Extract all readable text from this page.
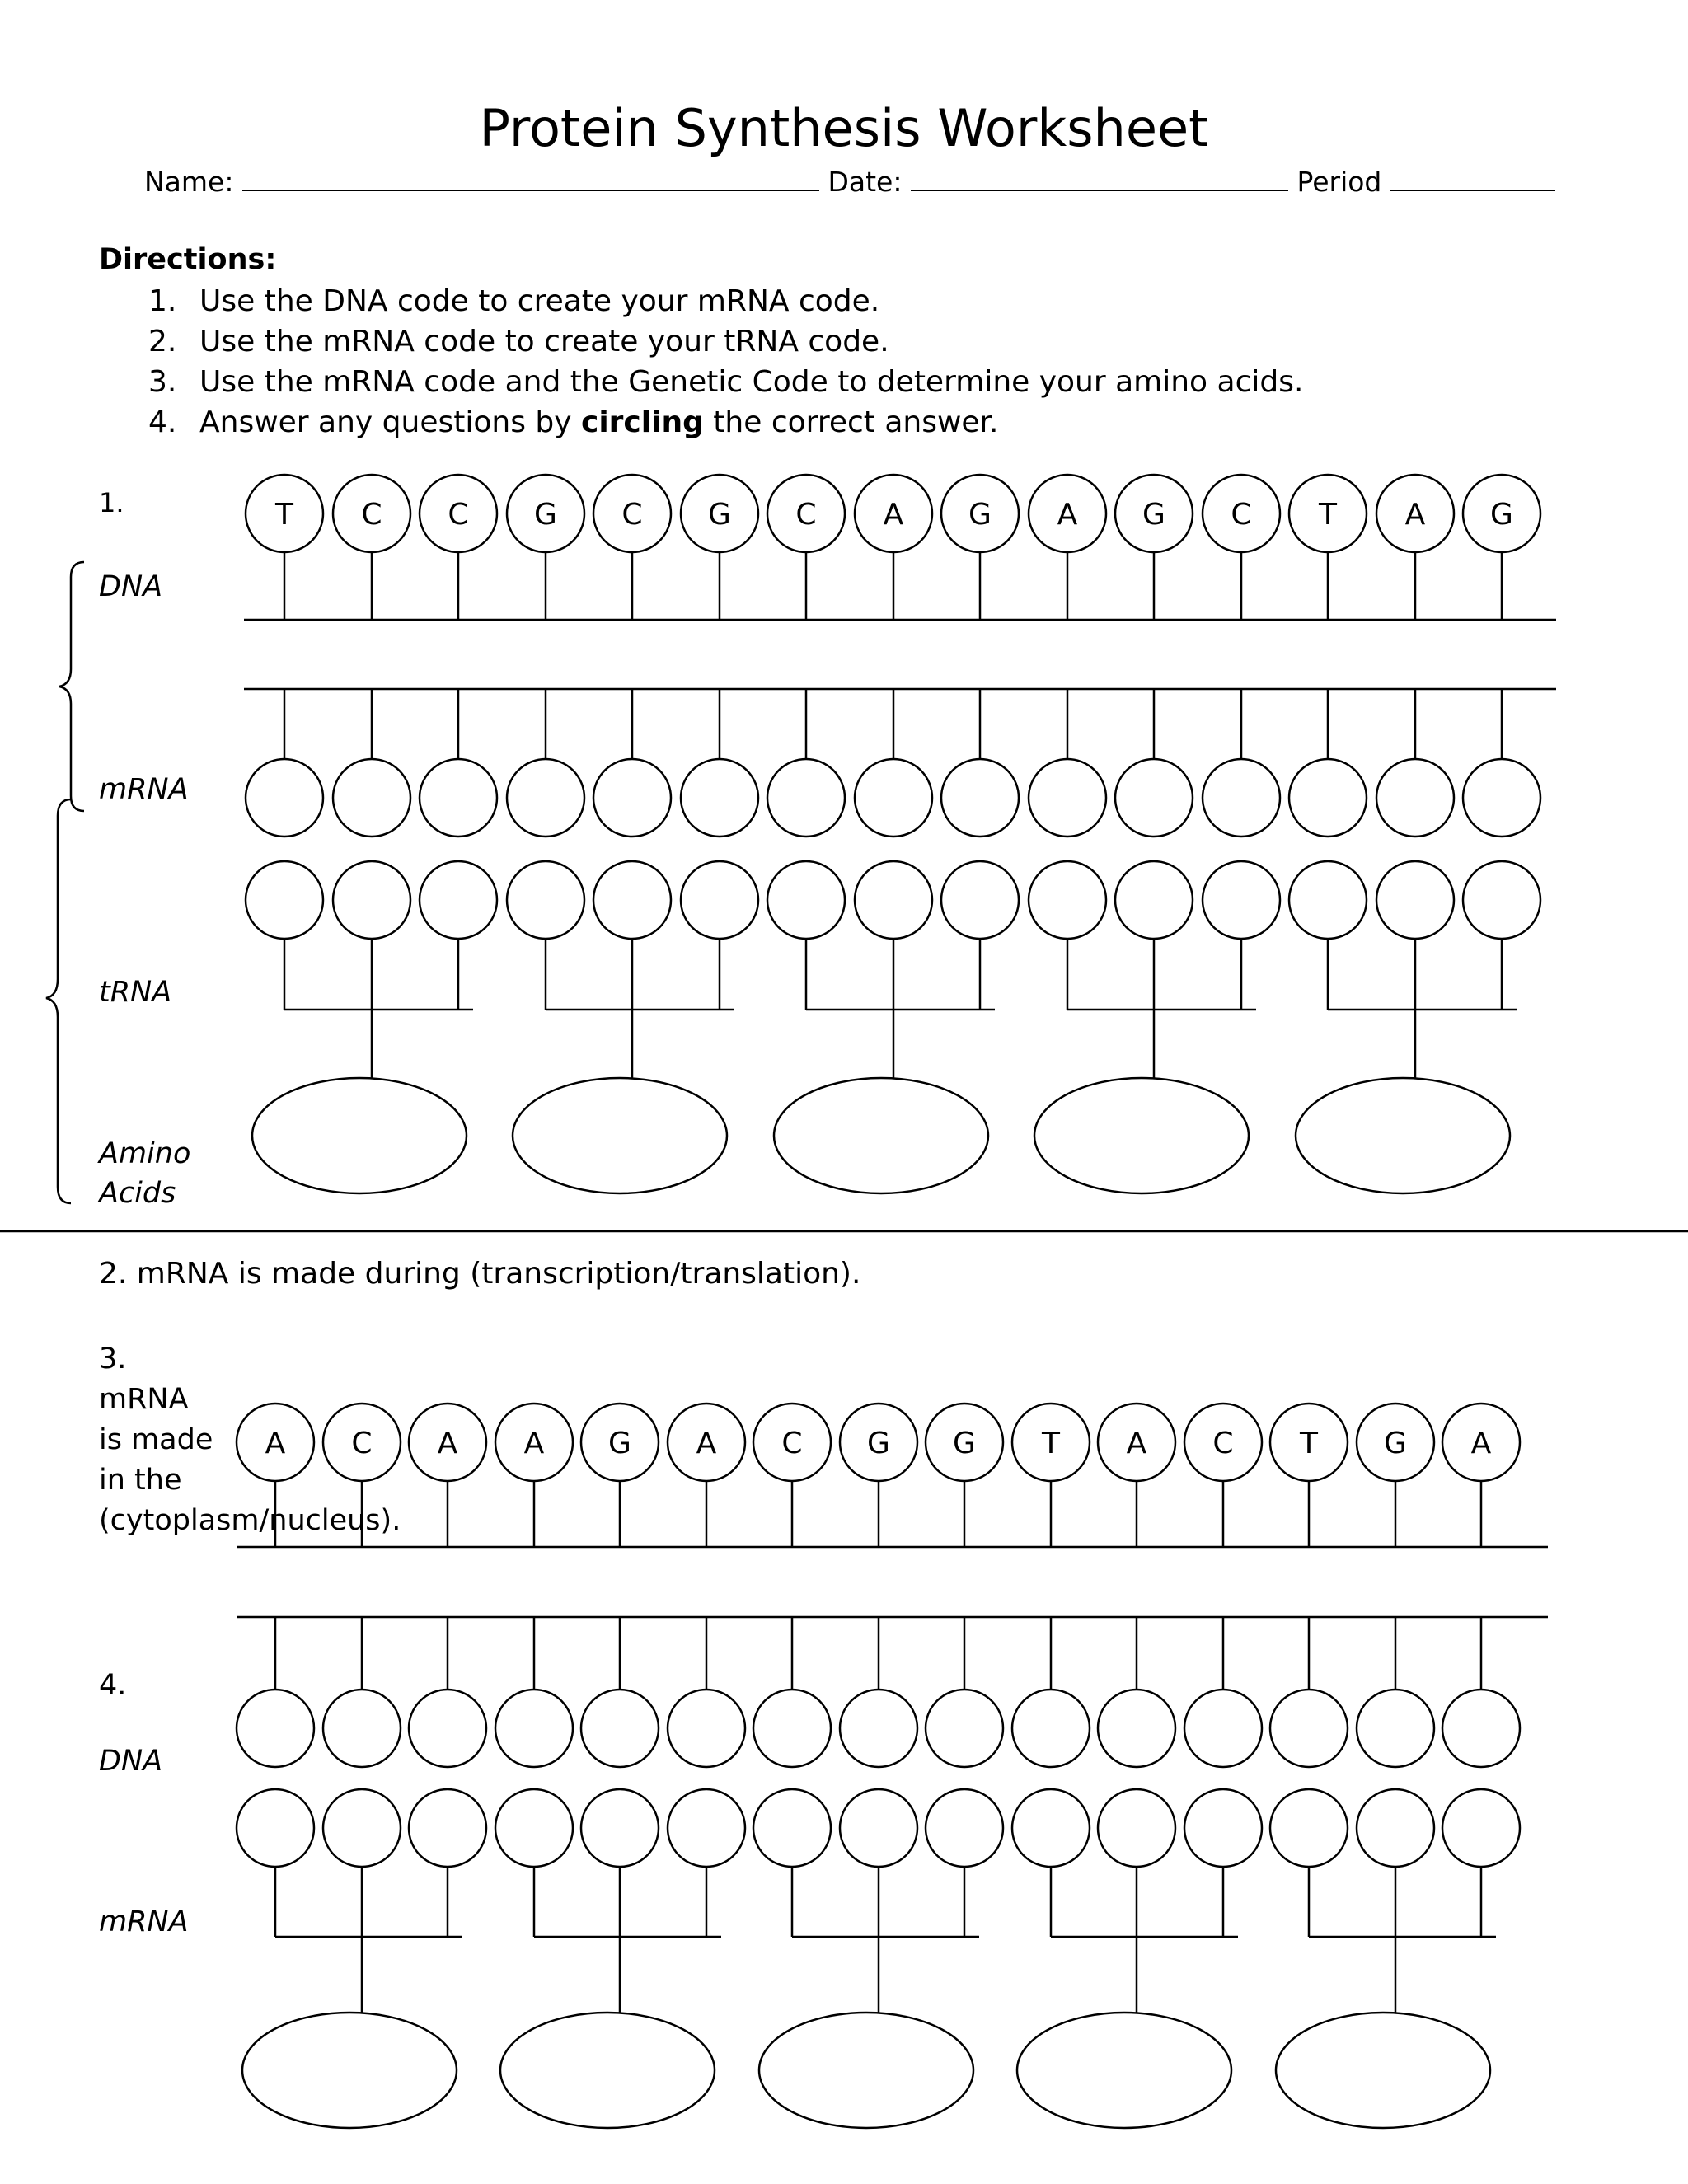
Protein Synthesis Worksheet
Name:	Date:	Period
Directions:
1. Use the DNA code to create your mRNA code.
2. Use the mRNA code to create your tRNA code.
3. Use the mRNA code and the Genetic Code to determine your amino acids.
4. Answer any questions by circling the correct answer.
1.
DNA
mRNA
tRNA
Amino
Acids
2. mRNA is made during (transcription/translation).
3. mRNA is made in the (cytoplasm/nucleus).
4.
DNA
mRNA
T C C G C G C A G A G C T A G
A C A A G A C G G T A C T G A
